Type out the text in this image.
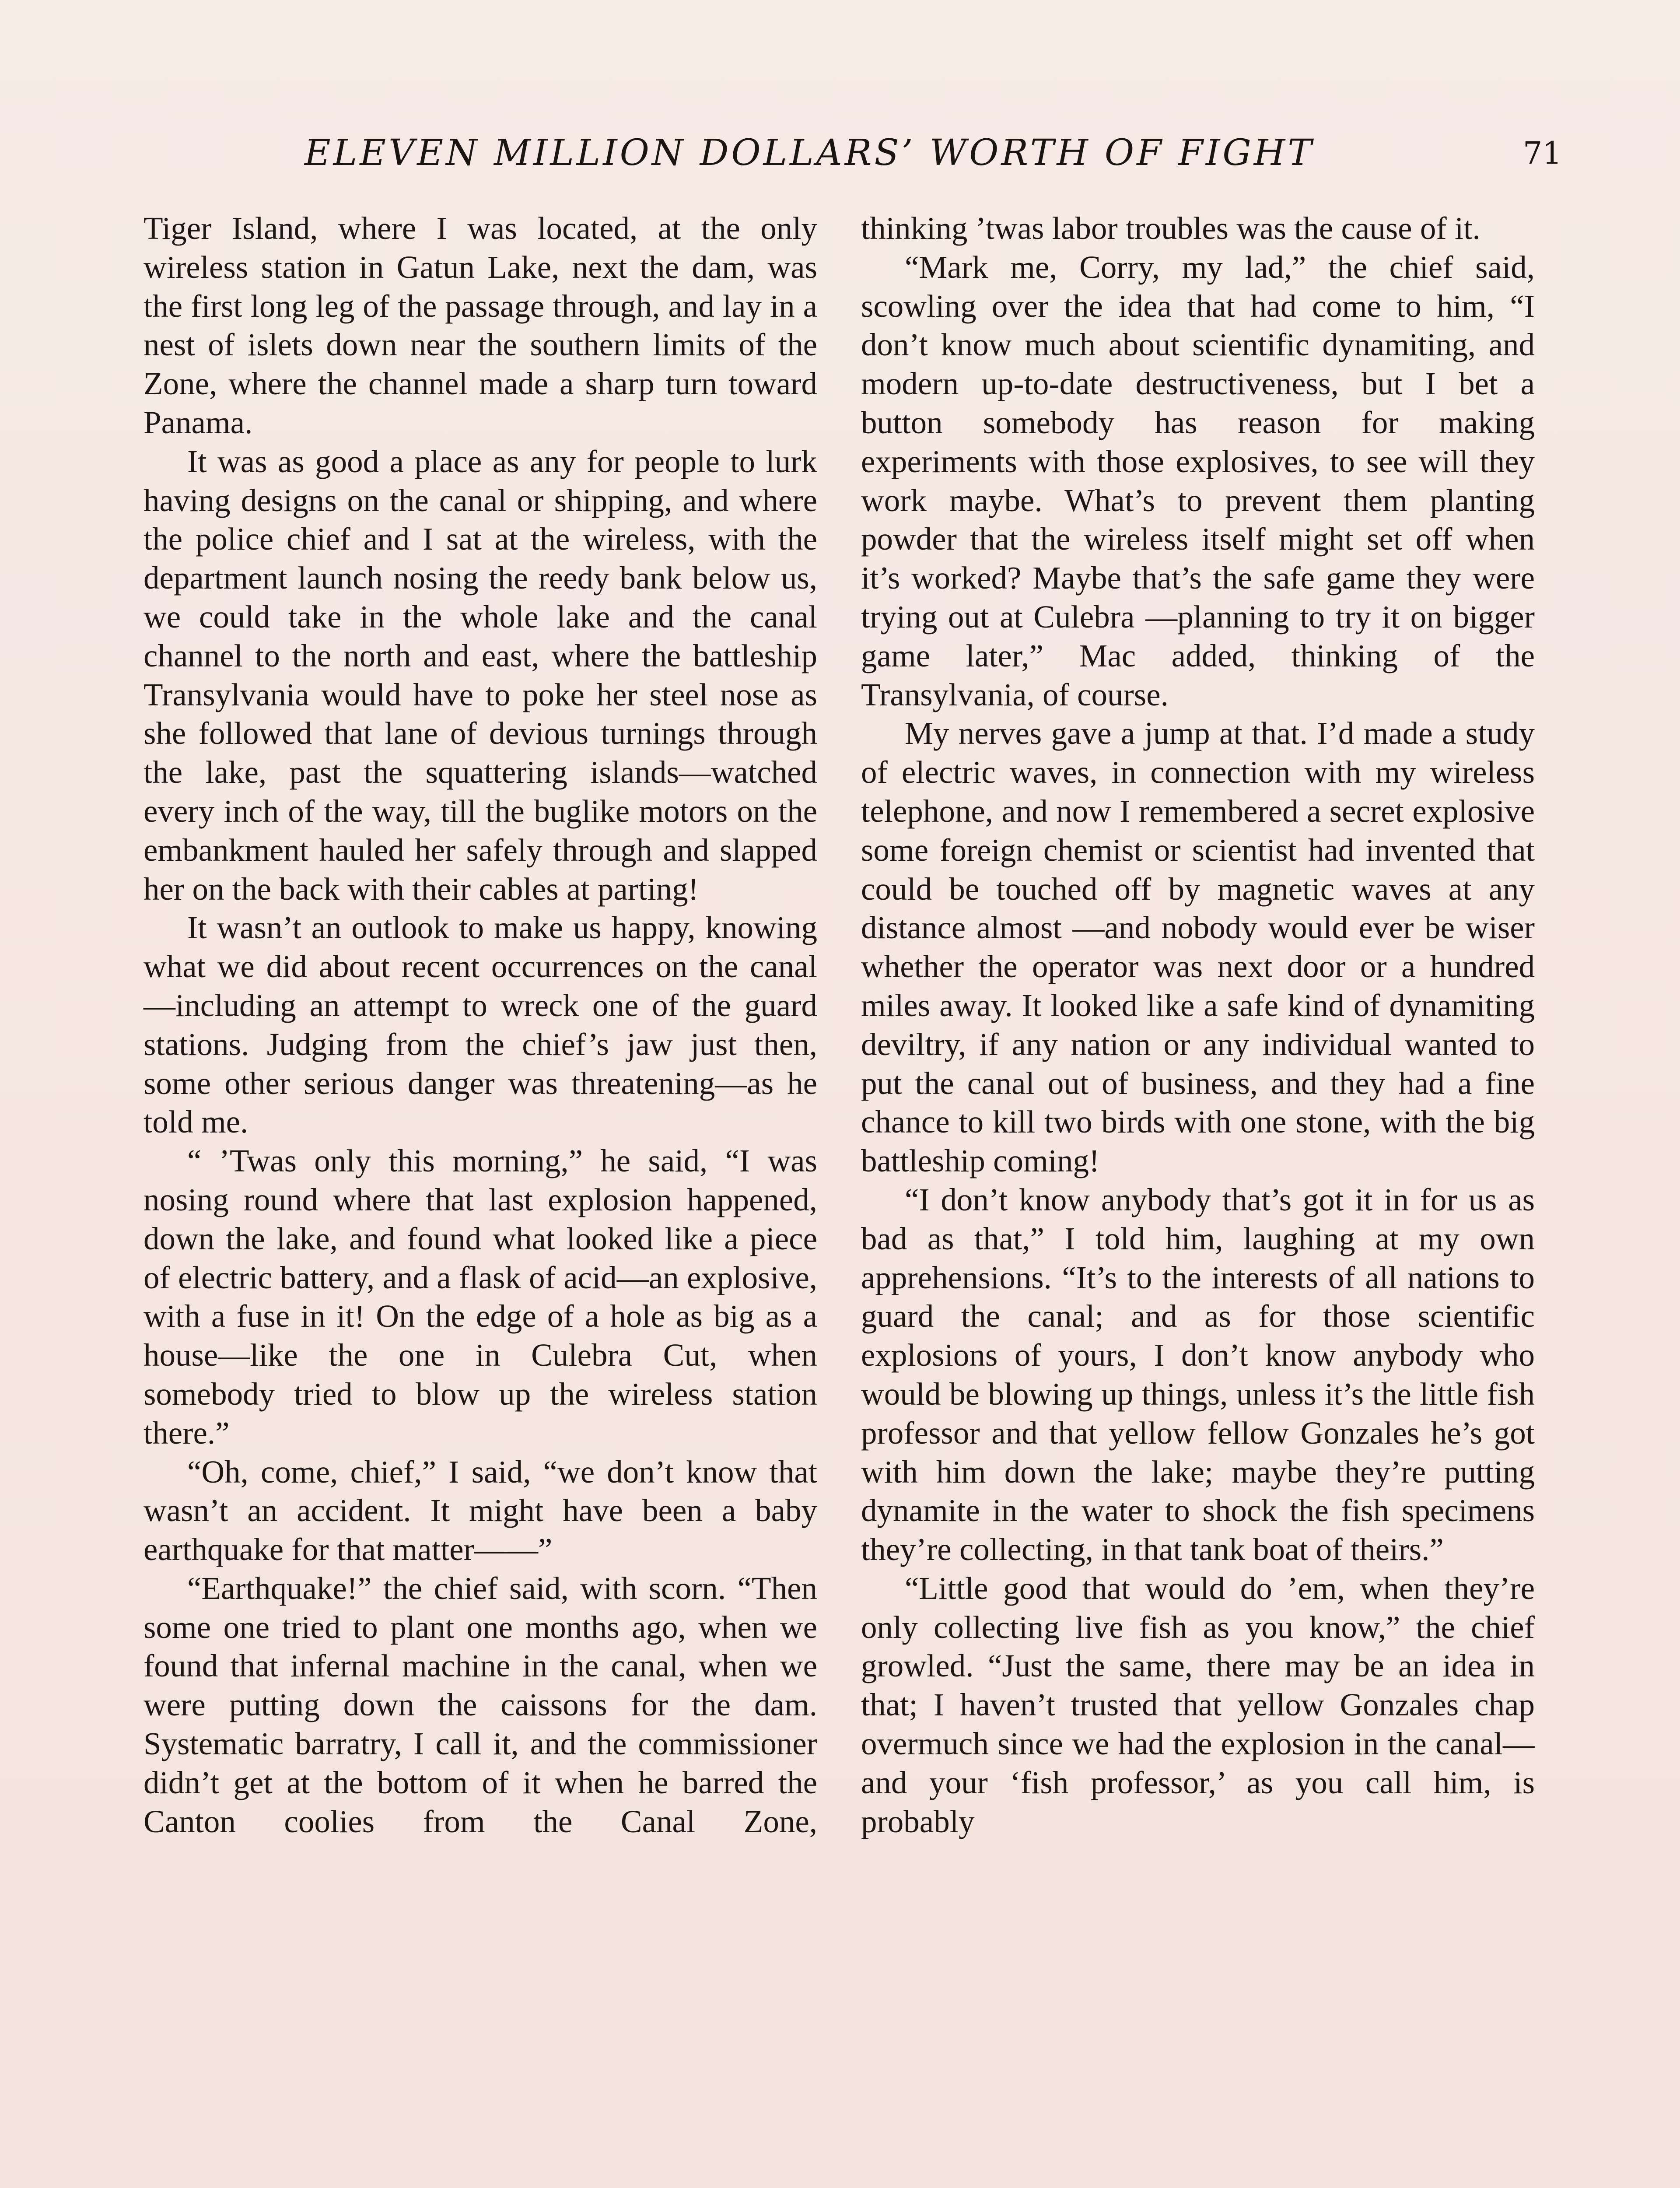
ELEVEN MILLION DOLLARS’ WORTH OF FIGHT	71

Tiger Island, where I was located, at the only wireless station in Gatun Lake, next the dam, was the first long leg of the passage through, and lay in a nest of islets down near the southern limits of the Zone, where the channel made a sharp turn toward Panama.

It was as good a place as any for people to lurk having designs on the canal or shipping, and where the police chief and I sat at the wireless, with the department launch nosing the reedy bank below us, we could take in the whole lake and the canal channel to the north and east, where the battleship Transylvania would have to poke her steel nose as she followed that lane of devious turnings through the lake, past the squattering islands—watched every inch of the way, till the buglike motors on the embankment hauled her safely through and slapped her on the back with their cables at parting!

It wasn’t an outlook to make us happy, knowing what we did about recent occurrences on the canal—including an attempt to wreck one of the guard stations. Judging from the chief’s jaw just then, some other serious danger was threatening—as he told me.

“ ’Twas only this morning,” he said, “I was nosing round where that last explosion happened, down the lake, and found what looked like a piece of electric battery, and a flask of acid—an explosive, with a fuse in it! On the edge of a hole as big as a house—like the one in Culebra Cut, when somebody tried to blow up the wireless station there.”

“Oh, come, chief,” I said, “we don’t know that wasn’t an accident. It might have been a baby earthquake for that matter——”

“Earthquake!” the chief said, with scorn. “Then some one tried to plant one months ago, when we found that infernal machine in the canal, when we were putting down the caissons for the dam. Systematic barratry, I call it, and the commissioner didn’t get at the bottom of it when he barred the Canton coolies from the Canal Zone,

thinking ’twas labor troubles was the cause of it.

“Mark me, Corry, my lad,” the chief said, scowling over the idea that had come to him, “I don’t know much about scientific dynamiting, and modern up-to-date destructiveness, but I bet a button somebody has reason for making experiments with those explosives, to see will they work maybe. What’s to prevent them planting powder that the wireless itself might set off when it’s worked? Maybe that’s the safe game they were trying out at Culebra —planning to try it on bigger game later,” Mac added, thinking of the Transylvania, of course.

My nerves gave a jump at that. I’d made a study of electric waves, in connection with my wireless telephone, and now I remembered a secret explosive some foreign chemist or scientist had invented that could be touched off by magnetic waves at any distance almost —and nobody would ever be wiser whether the operator was next door or a hundred miles away. It looked like a safe kind of dynamiting deviltry, if any nation or any individual wanted to put the canal out of business, and they had a fine chance to kill two birds with one stone, with the big battleship coming!

“I don’t know anybody that’s got it in for us as bad as that,” I told him, laughing at my own apprehensions. “It’s to the interests of all nations to guard the canal; and as for those scientific explosions of yours, I don’t know anybody who would be blowing up things, unless it’s the little fish professor and that yellow fellow Gonzales he’s got with him down the lake; maybe they’re putting dynamite in the water to shock the fish specimens they’re collecting, in that tank boat of theirs.”

“Little good that would do ’em, when they’re only collecting live fish as you know,” the chief growled. “Just the same, there may be an idea in that; I haven’t trusted that yellow Gonzales chap overmuch since we had the explosion in the canal—and your ‘fish professor,’ as you call him, is probably
